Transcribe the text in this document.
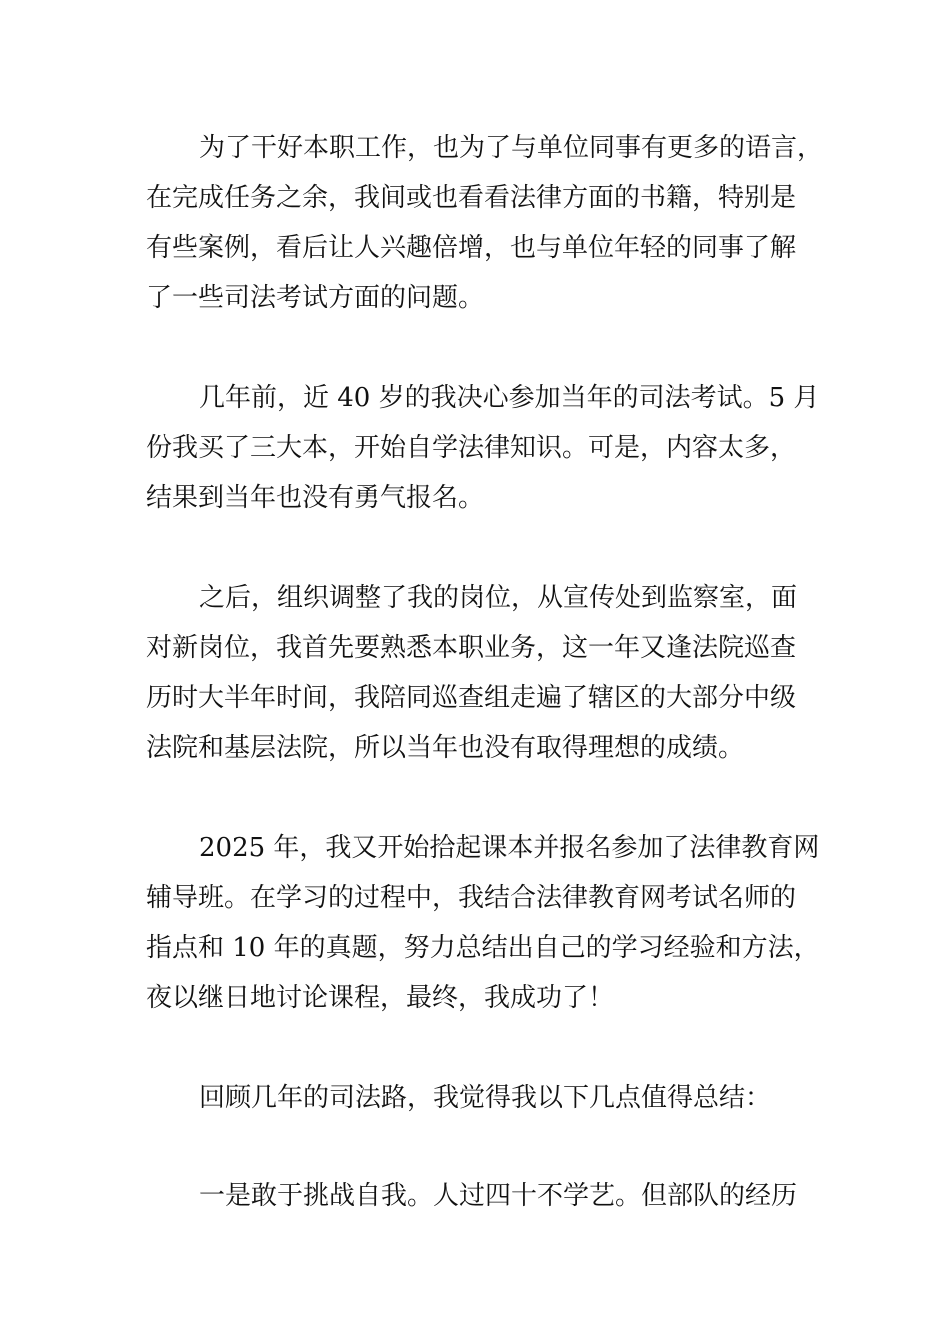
为了干好本职工作，也为了与单位同事有更多的语言，

在完成任务之余，我间或也看看法律方面的书籍，特别是

有些案例，看后让人兴趣倍增，也与单位年轻的同事了解

了一些司法考试方面的问题。

几年前，近 40 岁的我决心参加当年的司法考试。5 月

份我买了三大本，开始自学法律知识。可是，内容太多，

结果到当年也没有勇气报名。

之后，组织调整了我的岗位，从宣传处到监察室，面

对新岗位，我首先要熟悉本职业务，这一年又逢法院巡查

历时大半年时间，我陪同巡查组走遍了辖区的大部分中级

法院和基层法院，所以当年也没有取得理想的成绩。

2025 年，我又开始拾起课本并报名参加了法律教育网

辅导班。在学习的过程中，我结合法律教育网考试名师的

指点和 10 年的真题，努力总结出自己的学习经验和方法，

夜以继日地讨论课程，最终，我成功了！

回顾几年的司法路，我觉得我以下几点值得总结：

一是敢于挑战自我。人过四十不学艺。但部队的经历
